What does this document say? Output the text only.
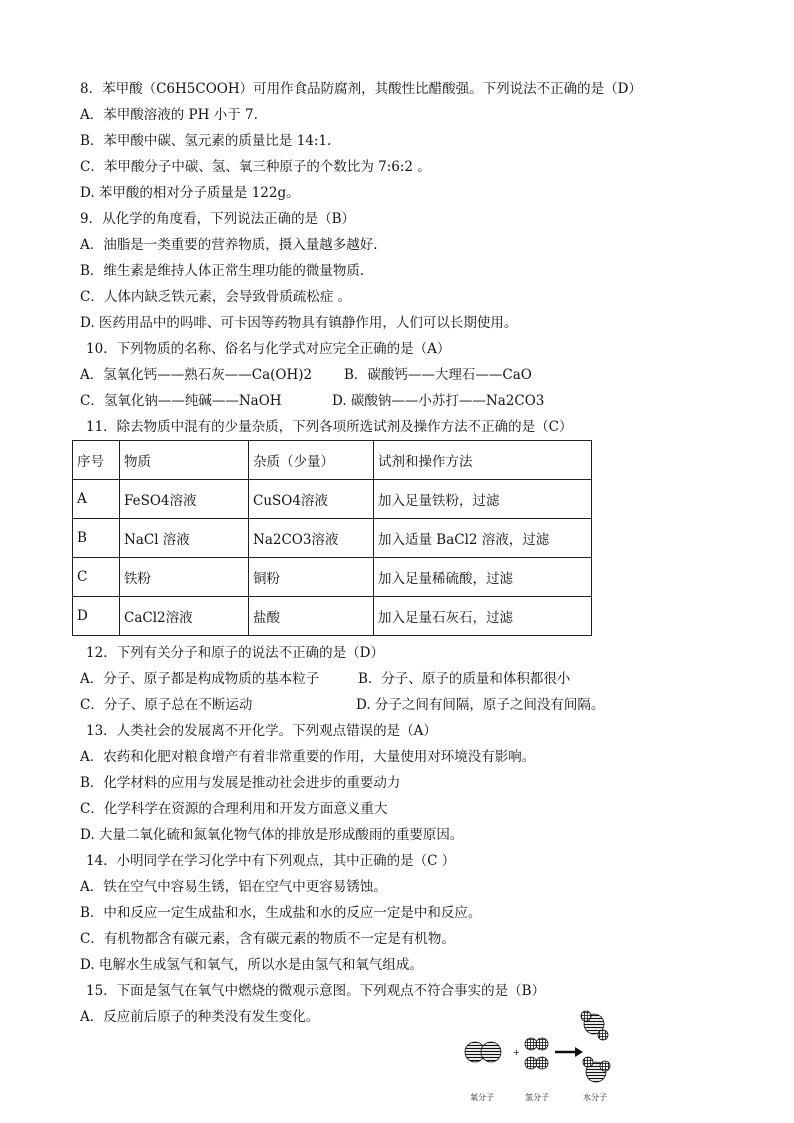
8．苯甲酸（C6H5COOH）可用作食品防腐剂，其酸性比醋酸强。下列说法不正确的是（D）
A．苯甲酸溶液的 PH 小于 7.
B．苯甲酸中碳、氢元素的质量比是 14:1.
C．苯甲酸分子中碳、氢、氧三种原子的个数比为 7:6:2 。
D. 苯甲酸的相对分子质量是 122g。
9．从化学的角度看，下列说法正确的是（B）
A．油脂是一类重要的营养物质，摄入量越多越好.
B．维生素是维持人体正常生理功能的微量物质.
C．人体内缺乏铁元素，会导致骨质疏松症 。
D. 医药用品中的吗啡、可卡因等药物具有镇静作用，人们可以长期使用。
10．下列物质的名称、俗名与化学式对应完全正确的是（A）
A．氢氧化钙——熟石灰——Ca(OH)2 B．碳酸钙——大理石——CaO
C．氢氧化钠——纯碱——NaOH	D. 碳酸钠——小苏打——Na2CO3
11．除去物质中混有的少量杂质，下列各项所选试剂及操作方法不正确的是（C）
序号	物质	杂质（少量）	试剂和操作方法
A	FeSO4溶液	CuSO4溶液	加入足量铁粉，过滤
B	NaCl 溶液	Na2CO3溶液	加入适量 BaCl2 溶液，过滤
C	铁粉	铜粉	加入足量稀硫酸，过滤
D	CaCl2溶液	盐酸	加入足量石灰石，过滤
12．下列有关分子和原子的说法不正确的是（D）
A．分子、原子都是构成物质的基本粒子	B．分子、原子的质量和体积都很小
C．分子、原子总在不断运动	D. 分子之间有间隔，原子之间没有间隔。
13．人类社会的发展离不开化学。下列观点错误的是（A）
A．农药和化肥对粮食增产有着非常重要的作用，大量使用对环境没有影响。
B．化学材料的应用与发展是推动社会进步的重要动力
C．化学科学在资源的合理利用和开发方面意义重大
D. 大量二氧化硫和氮氧化物气体的排放是形成酸雨的重要原因。
14．小明同学在学习化学中有下列观点，其中正确的是（C ）
A．铁在空气中容易生锈，铝在空气中更容易锈蚀。
B．中和反应一定生成盐和水，生成盐和水的反应一定是中和反应。
C．有机物都含有碳元素，含有碳元素的物质不一定是有机物。
D. 电解水生成氢气和氧气，所以水是由氢气和氧气组成。
15．下面是氢气在氧气中燃烧的微观示意图。下列观点不符合事实的是（B）
A．反应前后原子的种类没有发生变化。
+
氧分子	氢分子	水分子
